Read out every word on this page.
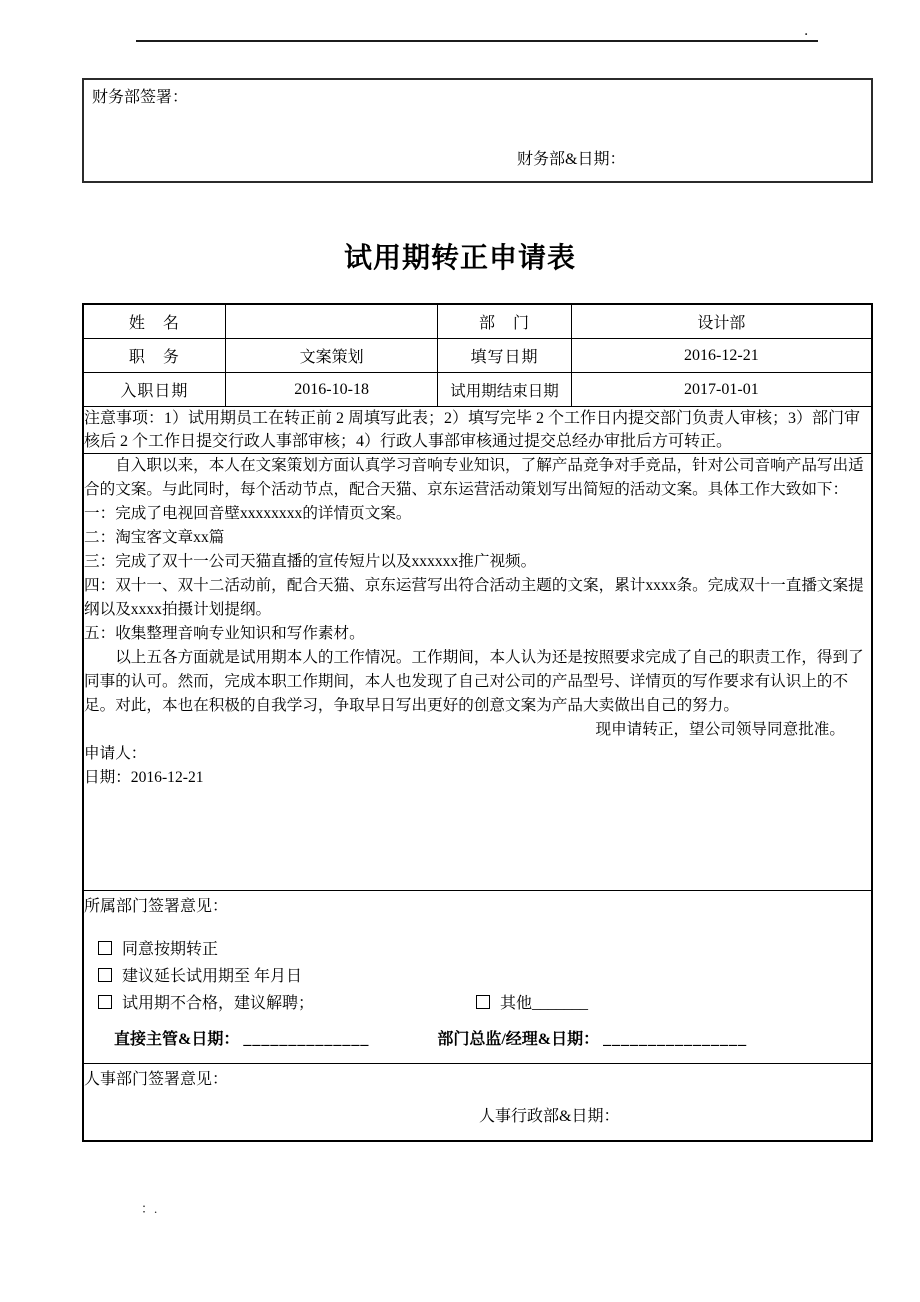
．
财务部签署：
财务部&日期：
试用期转正申请表
姓　名		部　门	设计部
职　务	文案策划	填写日期	2016-12-21
入职日期	2016-10-18	试用期结束日期	2017-01-01
注意事项：1）试用期员工在转正前 2 周填写此表；2）填写完毕 2 个工作日内提交部门负责人审核；3）部门审核后 2 个工作日提交行政人事部审核；4）行政人事部审核通过提交总经办审批后方可转正。			

自入职以来，本人在文案策划方面认真学习音响专业知识，了解产品竞争对手竞品，针对公司音响产品写出适合的文案。与此同时，每个活动节点，配合天猫、京东运营活动策划写出简短的活动文案。具体工作大致如下：

一：完成了电视回音壁xxxxxxxx的详情页文案。

二：淘宝客文章xx篇

三：完成了双十一公司天猫直播的宣传短片以及xxxxxx推广视频。

四：双十一、双十二活动前，配合天猫、京东运营写出符合活动主题的文案，累计xxxx条。完成双十一直播文案提纲以及xxxx拍摄计划提纲。

五：收集整理音响专业知识和写作素材。

以上五各方面就是试用期本人的工作情况。工作期间，本人认为还是按照要求完成了自己的职责工作，得到了同事的认可。然而，完成本职工作期间，本人也发现了自己对公司的产品型号、详情页的写作要求有认识上的不足。对此，本也在积极的自我学习，争取早日写出更好的创意文案为产品大卖做出自己的努力。

现申请转正，望公司领导同意批准。

申请人：

日期：2016-12-21

所属部门签署意见：

同意按期转正
建议延长试用期至 年月日
试用期不合格，建议解聘； 其他_______
直接主管&日期： ______________ 部门总监/经理&日期： ________________			

人事部门签署意见：

人事行政部&日期：			
：.
